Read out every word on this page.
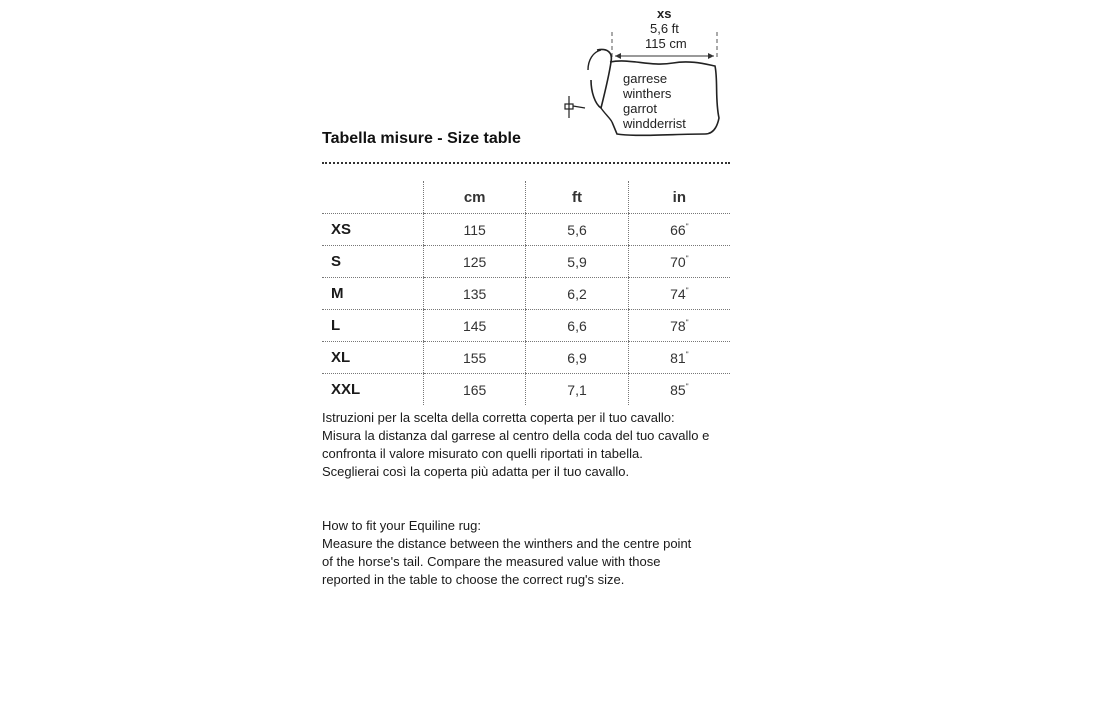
xs
5,6 ft
115 cm
garrese
winthers
garrot
windderrist
Tabella misure - Size table
	cm	ft	in
XS	115	5,6	66"
S	125	5,9	70"
M	135	6,2	74"
L	145	6,6	78"
XL	155	6,9	81"
XXL	165	7,1	85"
Istruzioni per la scelta della corretta coperta per il tuo cavallo:
Misura la distanza dal garrese al centro della coda del tuo cavallo e
confronta il valore misurato con quelli riportati in tabella.
Sceglierai così la coperta più adatta per il tuo cavallo.
How to fit your Equiline rug:
Measure the distance between the winthers and the centre point
of the horse's tail. Compare the measured value with those
reported in the table to choose the correct rug's size.
